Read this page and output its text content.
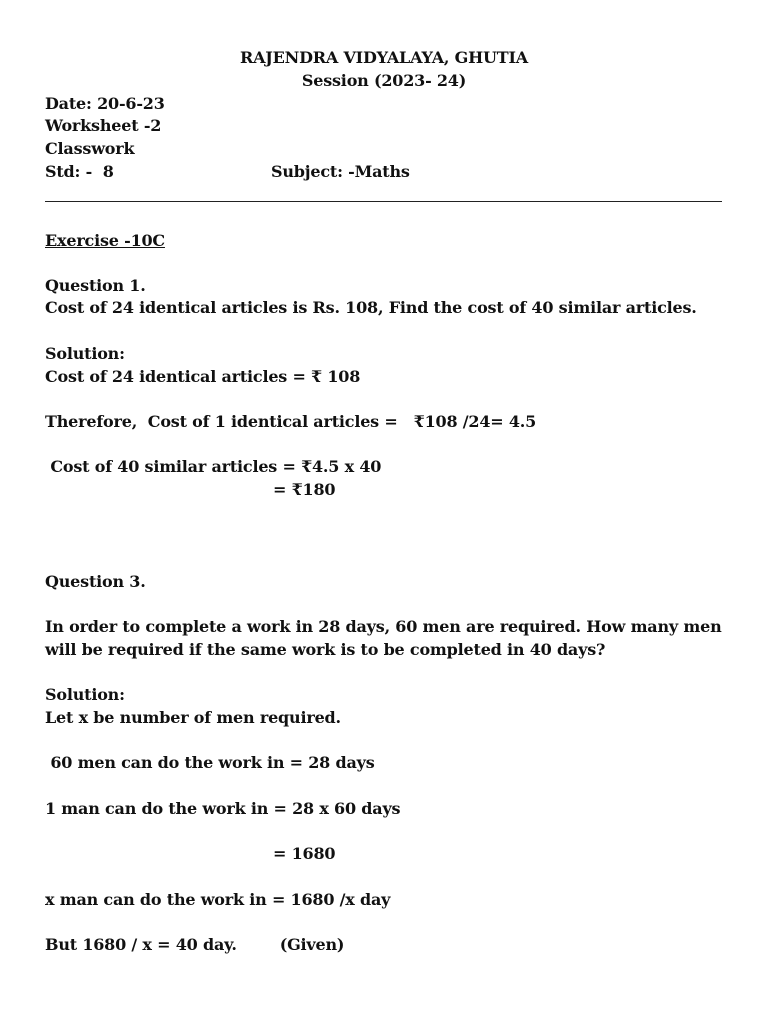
RAJENDRA VIDYALAYA, GHUTIA
Session (2023- 24)
Date: 20-6-23
Worksheet -2
Classwork
Std: -  8	Subject: -Maths
Exercise -10C
Question 1.
Cost of 24 identical articles is Rs. 108, Find the cost of 40 similar articles.
Solution:
Cost of 24 identical articles = ₹ 108
Therefore,  Cost of 1 identical articles =   ₹108 /24= 4.5
Cost of 40 similar articles = ₹4.5 x 40
= ₹180
Question 3.
In order to complete a work in 28 days, 60 men are required. How many men
will be required if the same work is to be completed in 40 days?
Solution:
Let x be number of men required.
60 men can do the work in = 28 days
1 man can do the work in = 28 x 60 days
= 1680
x man can do the work in = 1680 /x day
But 1680 / x = 40 day.        (Given)
